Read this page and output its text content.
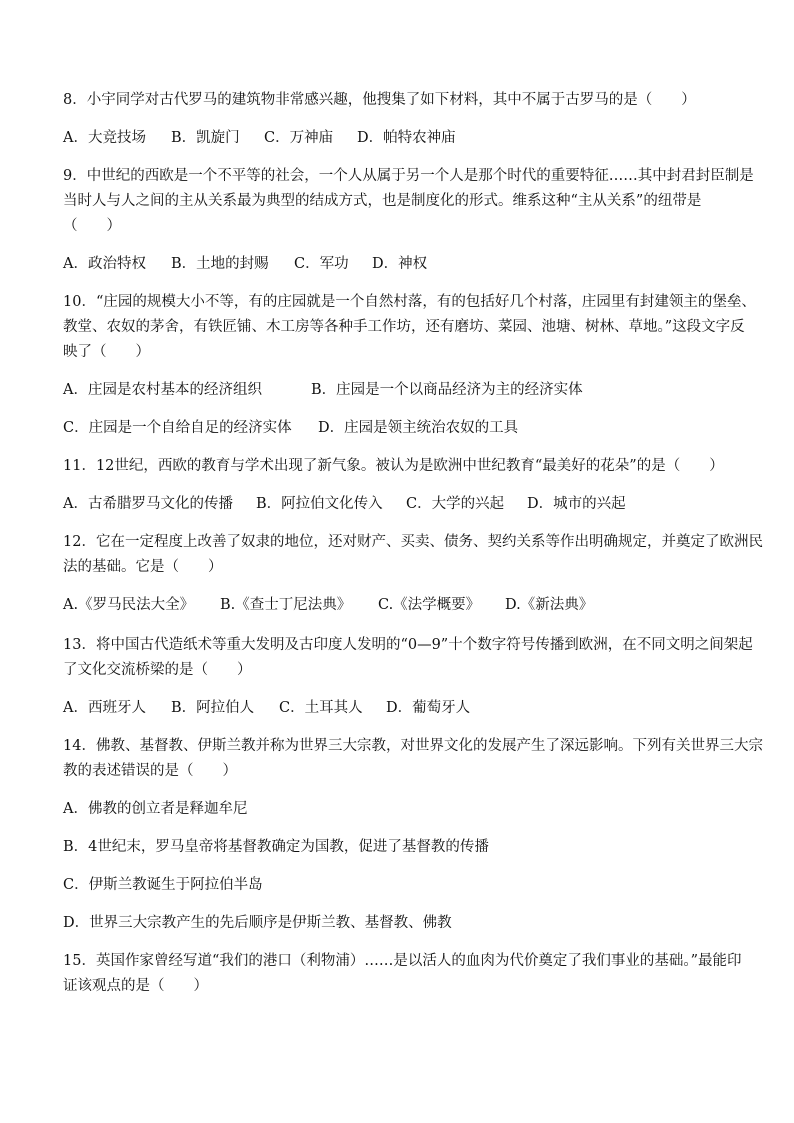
8．小宇同学对古代罗马的建筑物非常感兴趣，他搜集了如下材料，其中不属于古罗马的是（　　）
A．大竞技场 B．凯旋门 C．万神庙 D．帕特农神庙
9．中世纪的西欧是一个不平等的社会，一个人从属于另一个人是那个时代的重要特征……其中封君封臣制是
当时人与人之间的主从关系最为典型的结成方式，也是制度化的形式。维系这种“主从关系”的纽带是
（　　）
A．政治特权 B．土地的封赐 C．军功 D．神权
10．“庄园的规模大小不等，有的庄园就是一个自然村落，有的包括好几个村落，庄园里有封建领主的堡垒、
教堂、农奴的茅舍，有铁匠铺、木工房等各种手工作坊，还有磨坊、菜园、池塘、树林、草地。”这段文字反
映了（　　）
A．庄园是农村基本的经济组织	B．庄园是一个以商品经济为主的经济实体
C．庄园是一个自给自足的经济实体 D．庄园是领主统治农奴的工具
11．12世纪，西欧的教育与学术出现了新气象。被认为是欧洲中世纪教育“最美好的花朵”的是（　　）
A．古希腊罗马文化的传播 B．阿拉伯文化传入 C．大学的兴起 D．城市的兴起
12．它在一定程度上改善了奴隶的地位，还对财产、买卖、债务、契约关系等作出明确规定，并奠定了欧洲民
法的基础。它是（　　）
A.《罗马民法大全》 B.《查士丁尼法典》 C.《法学概要》 D.《新法典》
13．将中国古代造纸术等重大发明及古印度人发明的“0—9”十个数字符号传播到欧洲，在不同文明之间架起
了文化交流桥梁的是（　　）
A．西班牙人 B．阿拉伯人 C．土耳其人 D．葡萄牙人
14．佛教、基督教、伊斯兰教并称为世界三大宗教，对世界文化的发展产生了深远影响。下列有关世界三大宗
教的表述错误的是（　　）
A．佛教的创立者是释迦牟尼
B．4世纪末，罗马皇帝将基督教确定为国教，促进了基督教的传播
C．伊斯兰教诞生于阿拉伯半岛
D．世界三大宗教产生的先后顺序是伊斯兰教、基督教、佛教
15．英国作家曾经写道“我们的港口（利物浦）……是以活人的血肉为代价奠定了我们事业的基础。”最能印
证该观点的是（　　）
